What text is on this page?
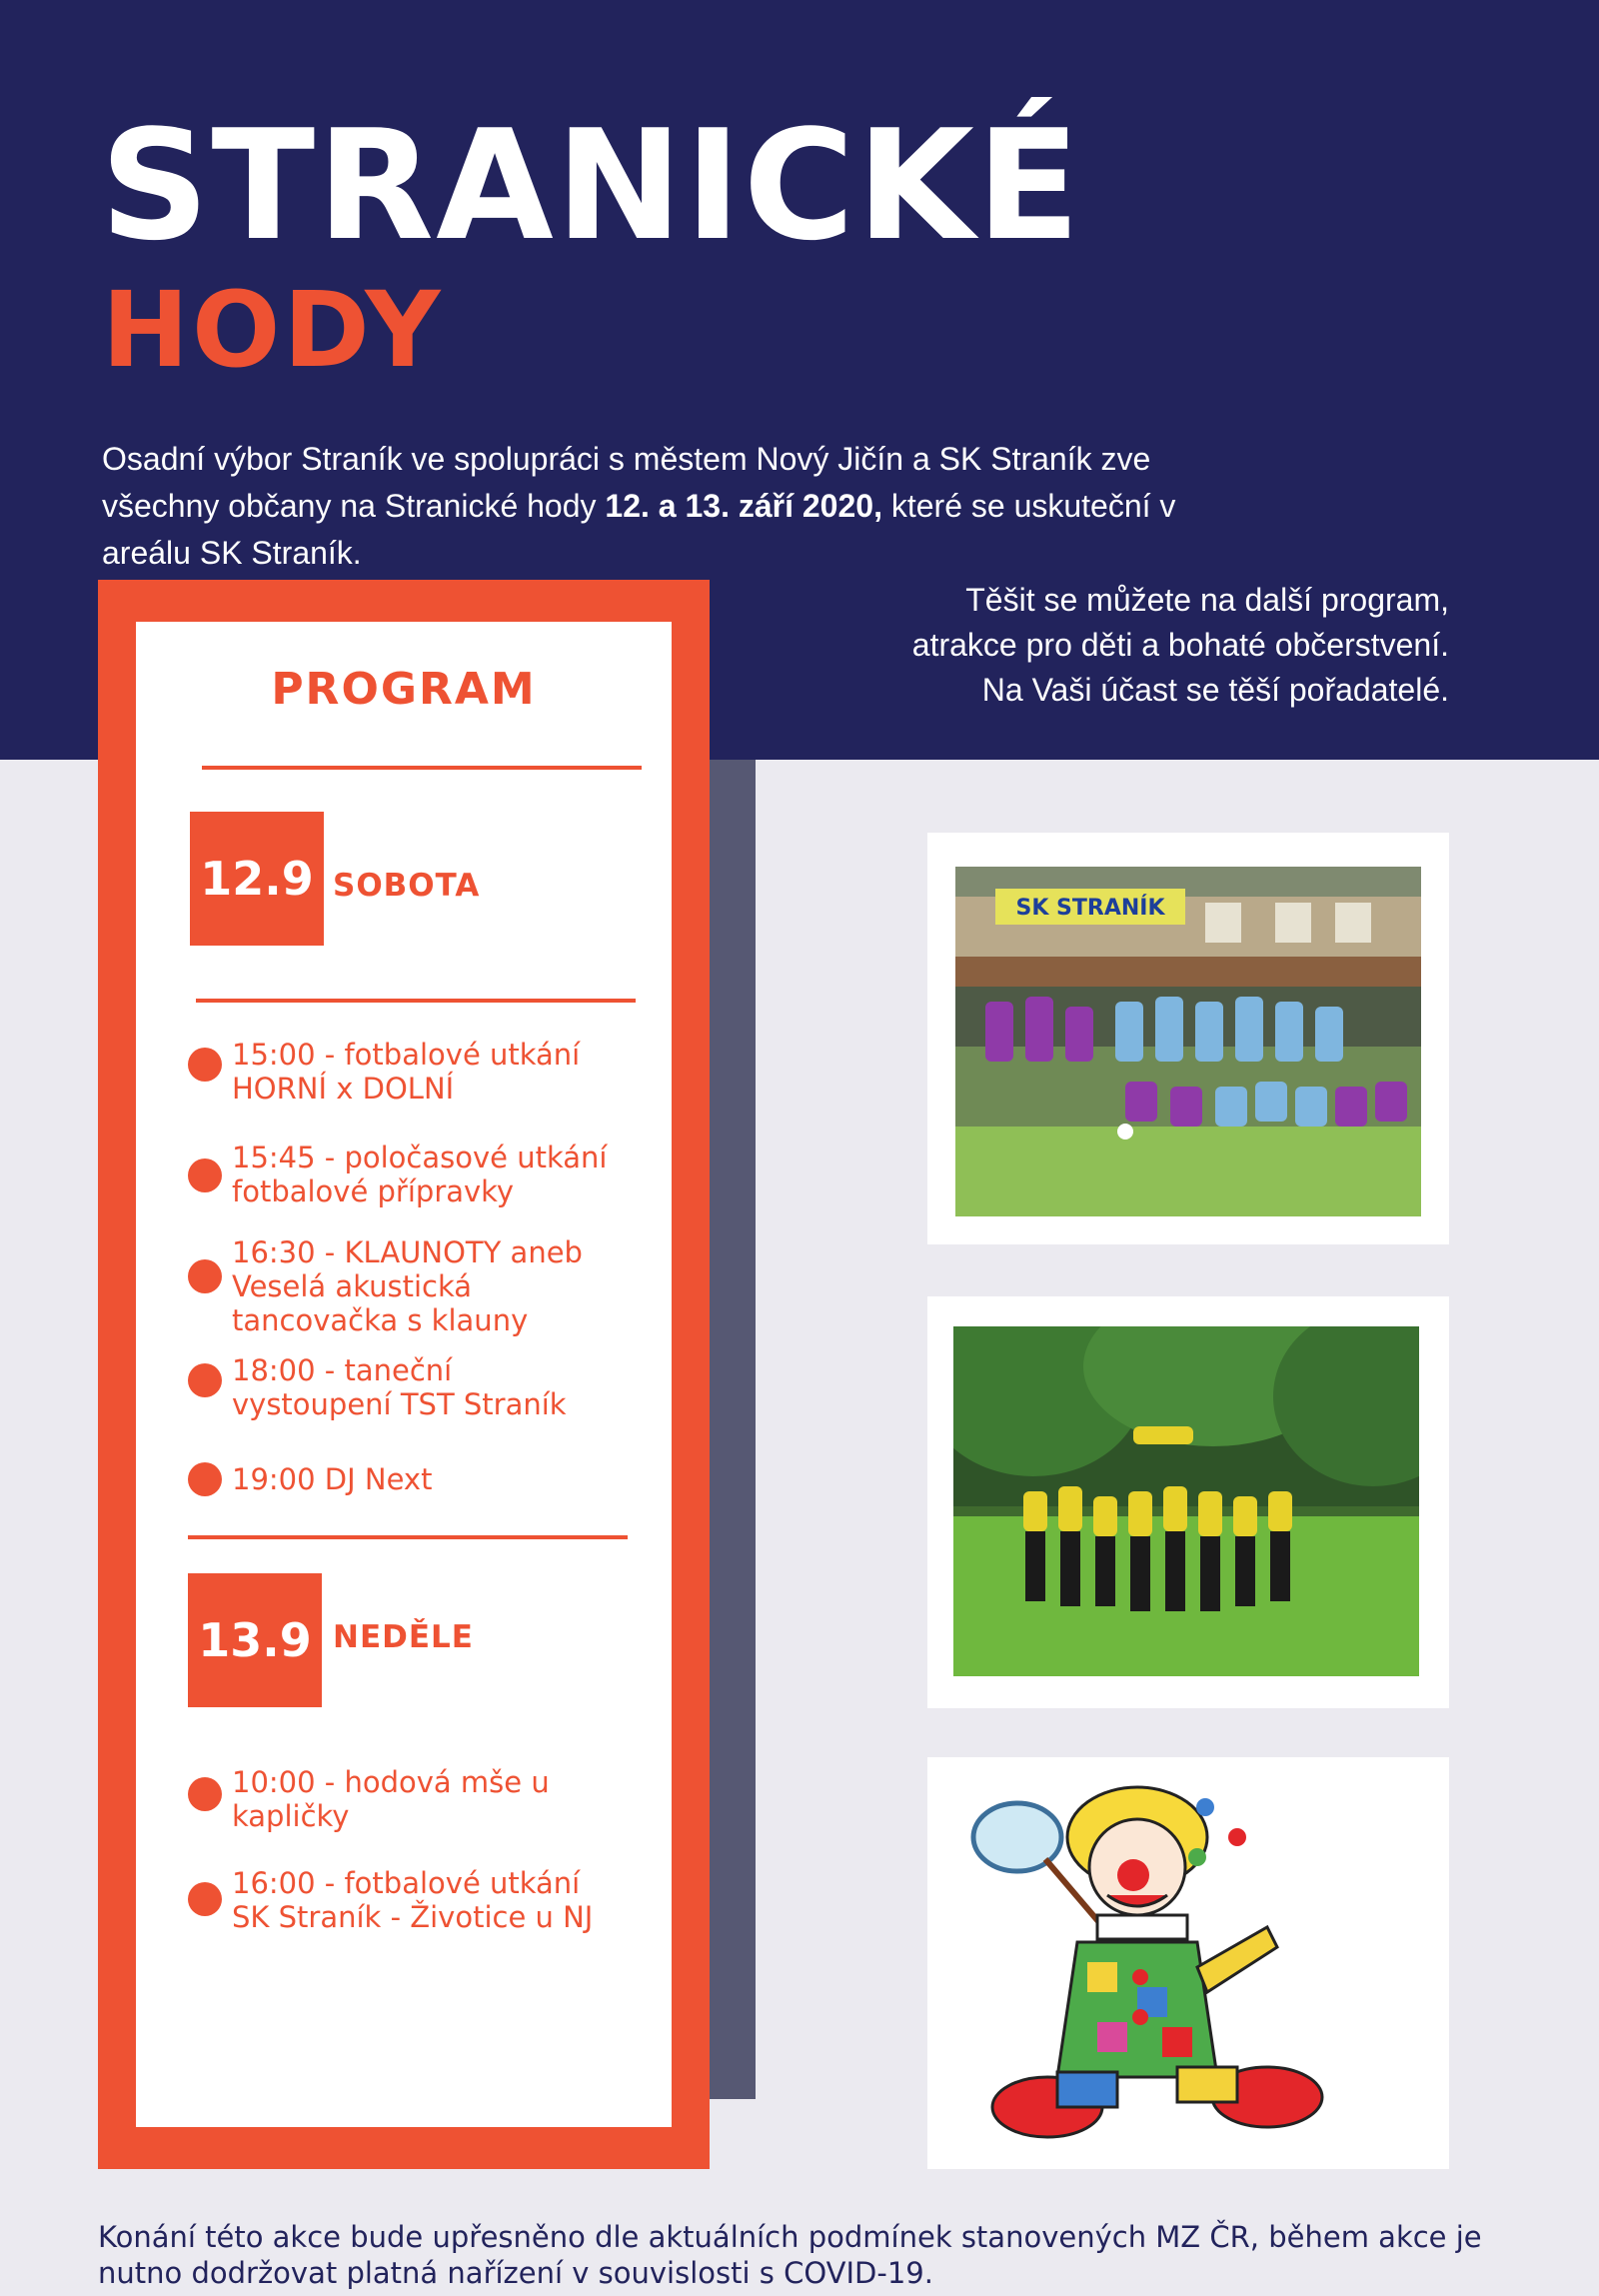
STRANICKÉ
HODY
Osadní výbor Straník ve spolupráci s městem Nový Jičín a SK Straník zve všechny občany na Stranické hody 12. a 13. září 2020, které se uskuteční v areálu SK Straník.
Těšit se můžete na další program,
atrakce pro děti a bohaté občerstvení.
Na Vaši účast se těší pořadatelé.
PROGRAM
12.9 SOBOTA
15:00 - fotbalové utkání
HORNÍ x DOLNÍ
15:45 - poločasové utkání
fotbalové přípravky
16:30 - KLAUNOTY aneb
Veselá akustická
tancovačka s klauny
18:00 - taneční
vystoupení TST Straník
19:00 DJ Next
13.9 NEDĚLE
10:00 - hodová mše u
kapličky
16:00 - fotbalové utkání
SK Straník - Životice u NJ
SK STRANÍK
Konání této akce bude upřesněno dle aktuálních podmínek stanovených MZ ČR, během akce je nutno dodržovat platná nařízení v souvislosti s COVID-19.
